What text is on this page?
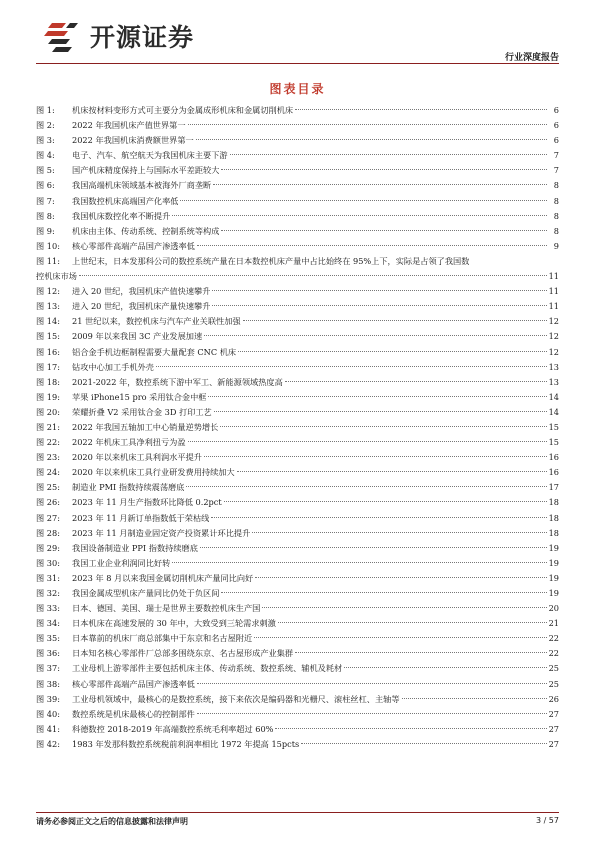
开源证券
行业深度报告
图表目录
图 1:	机床按材料变形方式可主要分为金属成形机床和金属切削机床	6
图 2:	2022 年我国机床产值世界第一	6
图 3:	2022 年我国机床消费额世界第一	6
图 4:	电子、汽车、航空航天为我国机床主要下游	7
图 5:	国产机床精度保持上与国际水平差距较大	7
图 6:	我国高端机床领域基本被海外厂商垄断	8
图 7:	我国数控机床高端国产化率低	8
图 8:	我国机床数控化率不断提升	8
图 9:	机床由主体、传动系统、控制系统等构成	8
图 10:	核心零部件高端产品国产渗透率低	9
图 11:	上世纪末，日本发那科公司的数控系统产量在日本数控机床产量中占比始终在 95%上下，实际是占领了我国数
控机床市场	11
图 12:	进入 20 世纪，我国机床产值快速攀升	11
图 13:	进入 20 世纪，我国机床产量快速攀升	11
图 14:	21 世纪以来，数控机床与汽车产业关联性加强	12
图 15:	2009 年以来我国 3C 产业发展加速	12
图 16:	铝合金手机边框制程需要大量配套 CNC 机床	12
图 17:	钻攻中心加工手机外壳	13
图 18:	2021-2022 年，数控系统下游中军工、新能源领域热度高	13
图 19:	苹果 iPhone15 pro 采用钛合金中框	14
图 20:	荣耀折叠 V2 采用钛合金 3D 打印工艺	14
图 21:	2022 年我国五轴加工中心销量逆势增长	15
图 22:	2022 年机床工具净利扭亏为盈	15
图 23:	2020 年以来机床工具利润水平提升	16
图 24:	2020 年以来机床工具行业研发费用持续加大	16
图 25:	制造业 PMI 指数持续震荡磨底	17
图 26:	2023 年 11 月生产指数环比降低 0.2pct	18
图 27:	2023 年 11 月新订单指数低于荣枯线	18
图 28:	2023 年 11 月制造业固定资产投资累计环比提升	18
图 29:	我国设备制造业 PPI 指数持续磨底	19
图 30:	我国工业企业利润同比好转	19
图 31:	2023 年 8 月以来我国金属切削机床产量同比向好	19
图 32:	我国金属成型机床产量同比仍处于负区间	19
图 33:	日本、德国、美国、瑞士是世界主要数控机床生产国	20
图 34:	日本机床在高速发展的 30 年中，大致受到三轮需求刺激	21
图 35:	日本靠前的机床厂商总部集中于东京和名古屋附近	22
图 36:	日本知名核心零部件厂总部多围绕东京、名古屋形成产业集群	22
图 37:	工业母机上游零部件主要包括机床主体、传动系统、数控系统、辅机及耗材	25
图 38:	核心零部件高端产品国产渗透率低	25
图 39:	工业母机领域中，最核心的是数控系统，接下来依次是编码器和光栅尺、滚柱丝杠、主轴等	26
图 40:	数控系统是机床最核心的控制部件	27
图 41:	科德数控 2018-2019 年高端数控系统毛利率超过 60%	27
图 42:	1983 年发那科数控系统税前利润率相比 1972 年提高 15pcts	27
请务必参阅正文之后的信息披露和法律声明	3 / 57
